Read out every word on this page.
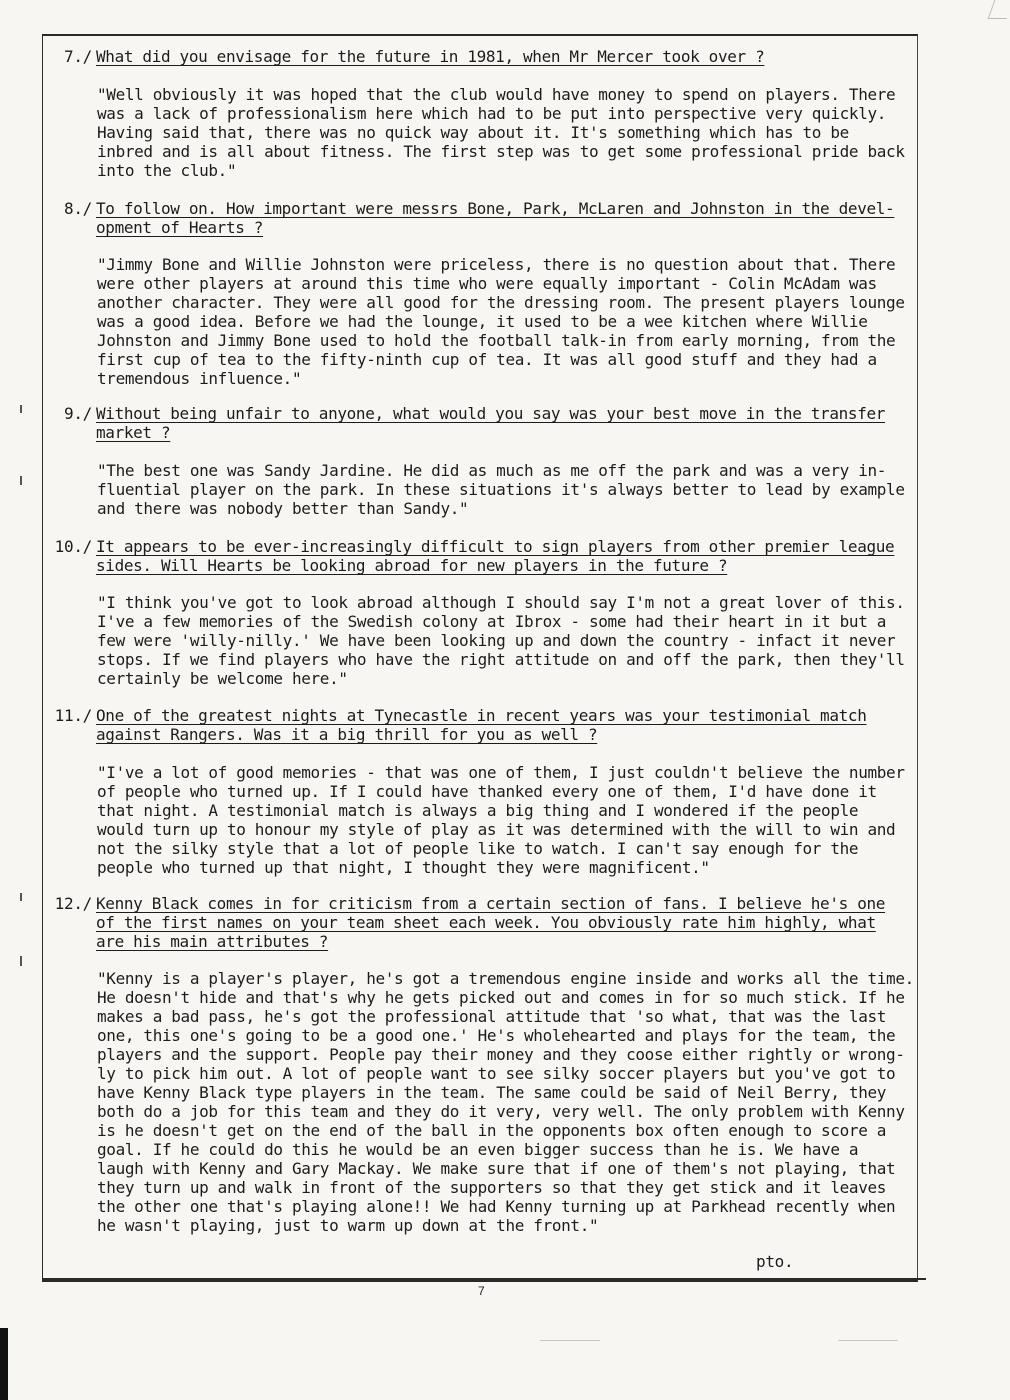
7./ What did you envisage for the future in 1981, when Mr Mercer took over ?
"Well obviously it was hoped that the club would have money to spend on players. There
was a lack of professionalism here which had to be put into perspective very quickly.
Having said that, there was no quick way about it. It's something which has to be
inbred and is all about fitness. The first step was to get some professional pride back
into the club."
8./ To follow on. How important were messrs Bone, Park, McLaren and Johnston in the devel-
opment of Hearts ?
"Jimmy Bone and Willie Johnston were priceless, there is no question about that. There
were other players at around this time who were equally important - Colin McAdam was
another character. They were all good for the dressing room. The present players lounge
was a good idea. Before we had the lounge, it used to be a wee kitchen where Willie
Johnston and Jimmy Bone used to hold the football talk-in from early morning, from the
first cup of tea to the fifty-ninth cup of tea. It was all good stuff and they had a
tremendous influence."
9./ Without being unfair to anyone, what would you say was your best move in the transfer
market ?
"The best one was Sandy Jardine. He did as much as me off the park and was a very in-
fluential player on the park. In these situations it's always better to lead by example
and there was nobody better than Sandy."
10./ It appears to be ever-increasingly difficult to sign players from other premier league
sides. Will Hearts be looking abroad for new players in the future ?
"I think you've got to look abroad although I should say I'm not a great lover of this.
I've a few memories of the Swedish colony at Ibrox - some had their heart in it but a
few were 'willy-nilly.' We have been looking up and down the country - infact it never
stops. If we find players who have the right attitude on and off the park, then they'll
certainly be welcome here."
11./ One of the greatest nights at Tynecastle in recent years was your testimonial match
against Rangers. Was it a big thrill for you as well ?
"I've a lot of good memories - that was one of them, I just couldn't believe the number
of people who turned up. If I could have thanked every one of them, I'd have done it
that night. A testimonial match is always a big thing and I wondered if the people
would turn up to honour my style of play as it was determined with the will to win and
not the silky style that a lot of people like to watch. I can't say enough for the
people who turned up that night, I thought they were magnificent."
12./ Kenny Black comes in for criticism from a certain section of fans. I believe he's one
of the first names on your team sheet each week. You obviously rate him highly, what
are his main attributes ?
"Kenny is a player's player, he's got a tremendous engine inside and works all the time.
He doesn't hide and that's why he gets picked out and comes in for so much stick. If he
makes a bad pass, he's got the professional attitude that 'so what, that was the last
one, this one's going to be a good one.' He's wholehearted and plays for the team, the
players and the support. People pay their money and they coose either rightly or wrong-
ly to pick him out. A lot of people want to see silky soccer players but you've got to
have Kenny Black type players in the team. The same could be said of Neil Berry, they
both do a job for this team and they do it very, very well. The only problem with Kenny
is he doesn't get on the end of the ball in the opponents box often enough to score a
goal. If he could do this he would be an even bigger success than he is. We have a
laugh with Kenny and Gary Mackay. We make sure that if one of them's not playing, that
they turn up and walk in front of the supporters so that they get stick and it leaves
the other one that's playing alone!! We had Kenny turning up at Parkhead recently when
he wasn't playing, just to warm up down at the front."
pto.
7
